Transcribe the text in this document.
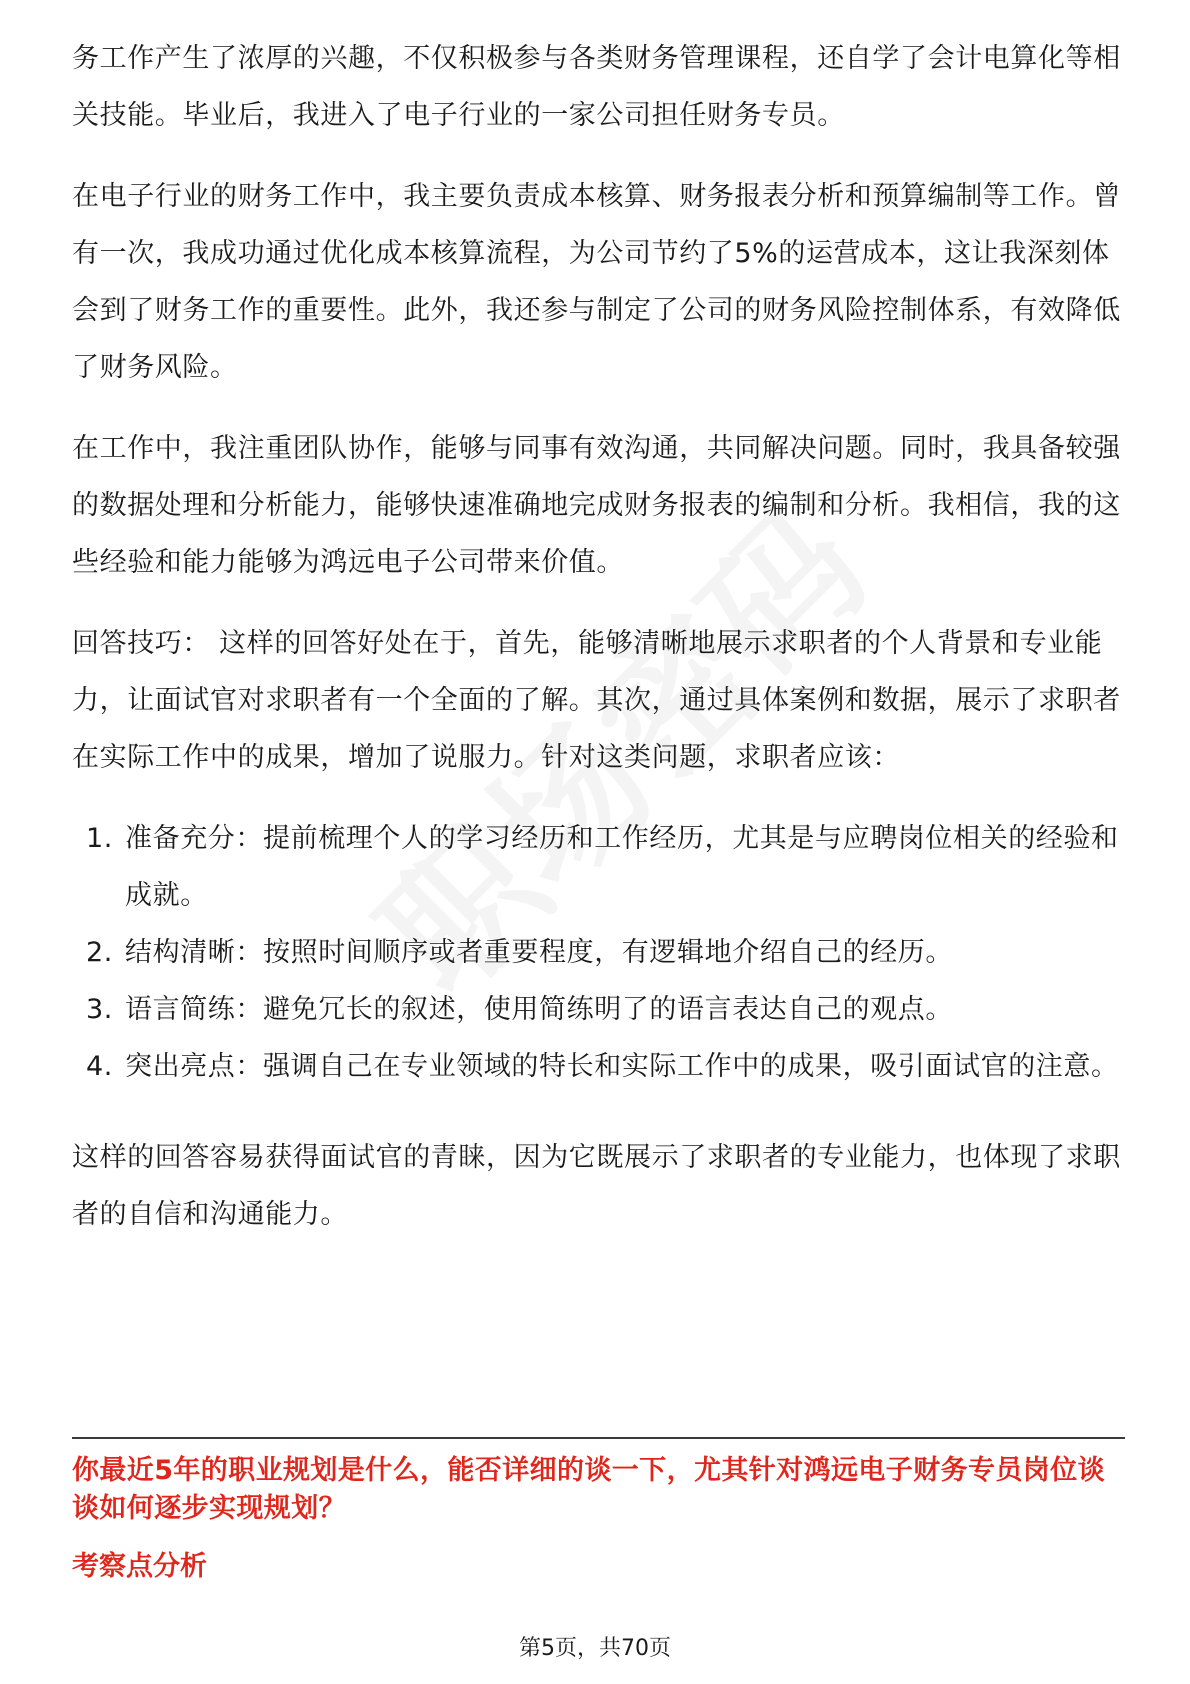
务工作产生了浓厚的兴趣，不仅积极参与各类财务管理课程，还自学了会计电算化等相关技能。毕业后，我进入了电子行业的一家公司担任财务专员。

在电子行业的财务工作中，我主要负责成本核算、财务报表分析和预算编制等工作。曾有一次，我成功通过优化成本核算流程，为公司节约了5%的运营成本，这让我深刻体会到了财务工作的重要性。此外，我还参与制定了公司的财务风险控制体系，有效降低了财务风险。

在工作中，我注重团队协作，能够与同事有效沟通，共同解决问题。同时，我具备较强的数据处理和分析能力，能够快速准确地完成财务报表的编制和分析。我相信，我的这些经验和能力能够为鸿远电子公司带来价值。

回答技巧： 这样的回答好处在于，首先，能够清晰地展示求职者的个人背景和专业能力，让面试官对求职者有一个全面的了解。其次，通过具体案例和数据，展示了求职者在实际工作中的成果，增加了说服力。针对这类问题，求职者应该：

1. 准备充分：提前梳理个人的学习经历和工作经历，尤其是与应聘岗位相关的经验和成就。
2. 结构清晰：按照时间顺序或者重要程度，有逻辑地介绍自己的经历。
3. 语言简练：避免冗长的叙述，使用简练明了的语言表达自己的观点。
4. 突出亮点：强调自己在专业领域的特长和实际工作中的成果，吸引面试官的注意。

这样的回答容易获得面试官的青睐，因为它既展示了求职者的专业能力，也体现了求职者的自信和沟通能力。

你最近5年的职业规划是什么，能否详细的谈一下，尤其针对鸿远电子财务专员岗位谈谈如何逐步实现规划？
考察点分析
第5页，共70页
